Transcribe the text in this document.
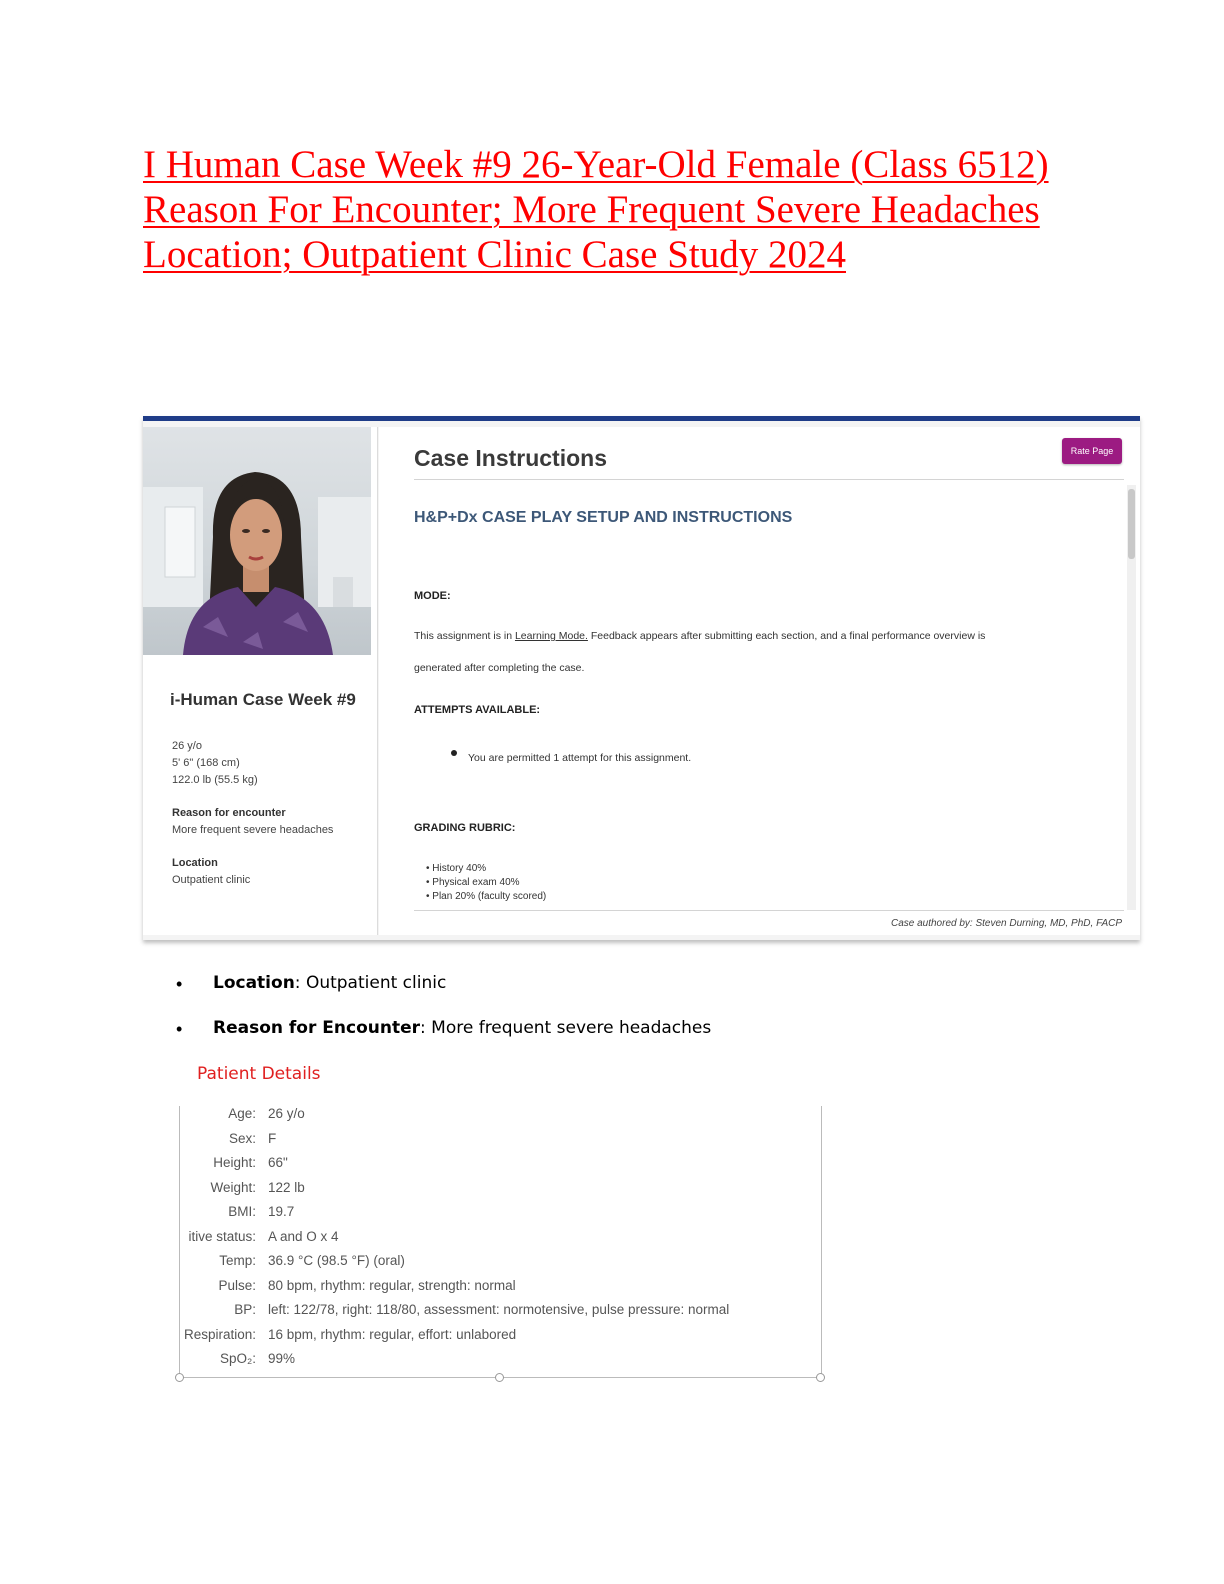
I Human Case Week #9 26-Year-Old Female (Class 6512) Reason For Encounter; More Frequent Severe Headaches Location; Outpatient Clinic Case Study 2024
i-Human Case Week #9
26 y/o
5' 6" (168 cm)
122.0 lb (55.5 kg)
Reason for encounter
More frequent severe headaches
Location
Outpatient clinic
Case Instructions	Rate Page
H&P+Dx CASE PLAY SETUP AND INSTRUCTIONS
MODE:
This assignment is in Learning Mode. Feedback appears after submitting each section, and a final performance overview is
generated after completing the case.
ATTEMPTS AVAILABLE:
You are permitted 1 attempt for this assignment.
GRADING RUBRIC:
• History 40%
• Physical exam 40%
• Plan 20% (faculty scored)
Case authored by: Steven Durning, MD, PhD, FACP
• Location: Outpatient clinic
• Reason for Encounter: More frequent severe headaches
Patient Details
Age: 26 y/o
Sex: F
Height: 66"
Weight: 122 lb
BMI: 19.7
itive status: A and O x 4
Temp: 36.9 °C (98.5 °F) (oral)
Pulse: 80 bpm, rhythm: regular, strength: normal
BP: left: 122/78, right: 118/80, assessment: normotensive, pulse pressure: normal
Respiration: 16 bpm, rhythm: regular, effort: unlabored
SpO₂: 99%
